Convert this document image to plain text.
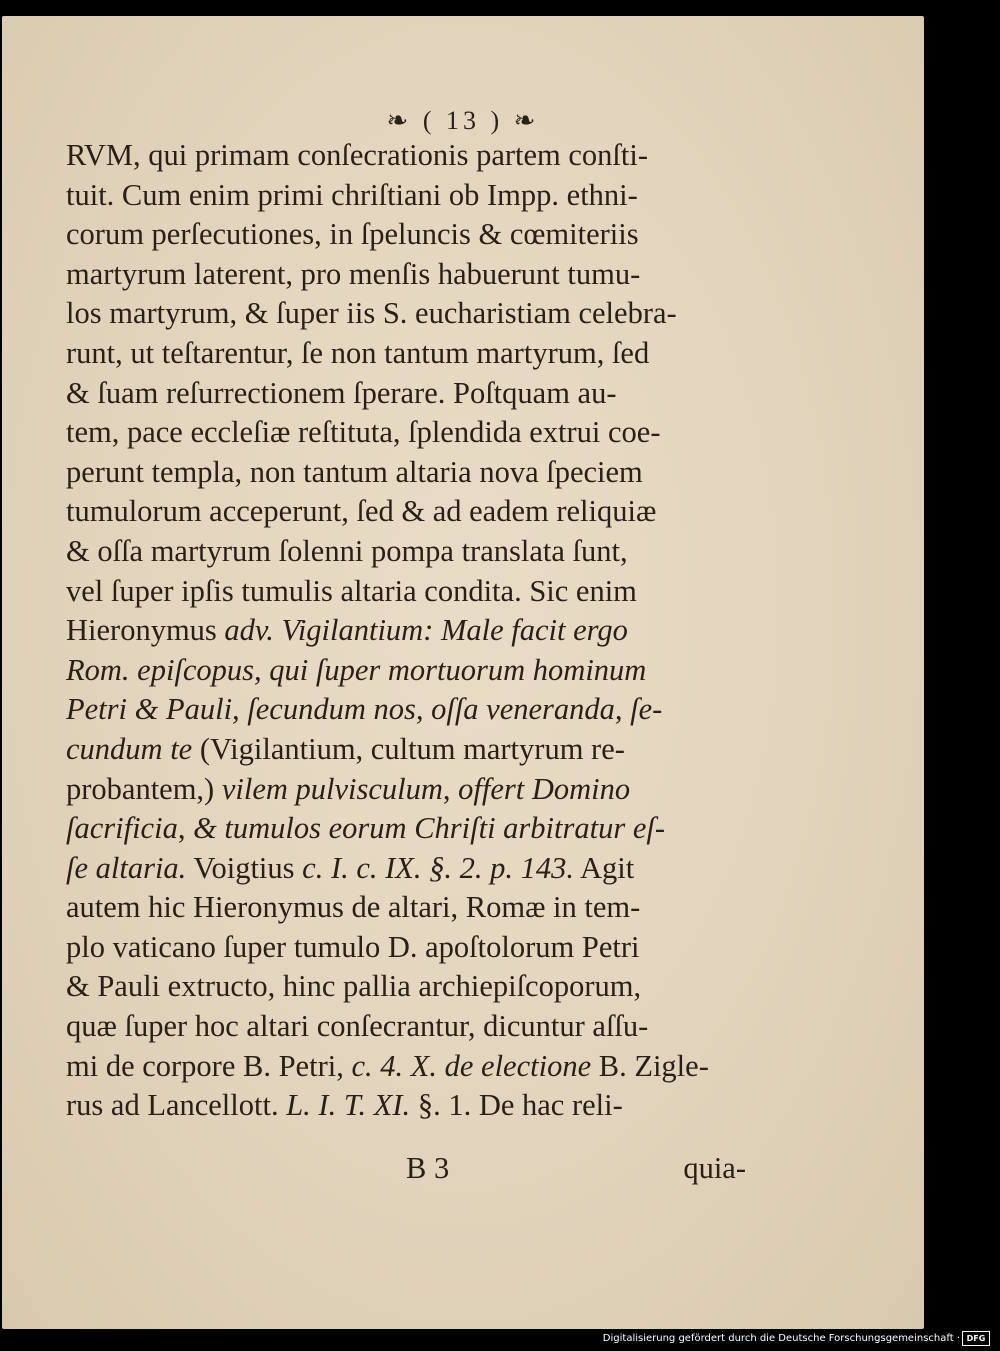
❧ ( 13 ) ❧
RVM, qui primam conſecrationis partem conſti-
tuit. Cum enim primi chriſtiani ob Impp. ethni-
corum perſecutiones, in ſpeluncis & cœmiteriis
martyrum laterent, pro menſis habuerunt tumu-
los martyrum, & ſuper iis S. eucharistiam celebra-
runt, ut teſtarentur, ſe non tantum martyrum, ſed
& ſuam reſurrectionem ſperare. Poſtquam au-
tem, pace eccleſiæ reſtituta, ſplendida extrui coe-
perunt templa, non tantum altaria nova ſpeciem
tumulorum acceperunt, ſed & ad eadem reliquiæ
& oſſa martyrum ſolenni pompa translata ſunt,
vel ſuper ipſis tumulis altaria condita. Sic enim
Hieronymus adv. Vigilantium: Male facit ergo
Rom. epiſcopus, qui ſuper mortuorum hominum
Petri & Pauli, ſecundum nos, oſſa veneranda, ſe-
cundum te (Vigilantium, cultum martyrum re-
probantem,) vilem pulvisculum, offert Domino
ſacrificia, & tumulos eorum Chriſti arbitratur eſ-
ſe altaria. Voigtius c. I. c. IX. §. 2. p. 143. Agit
autem hic Hieronymus de altari, Romæ in tem-
plo vaticano ſuper tumulo D. apoſtolorum Petri
& Pauli extructo, hinc pallia archiepiſcoporum,
quæ ſuper hoc altari conſecrantur, dicuntur aſſu-
mi de corpore B. Petri, c. 4. X. de electione B. Zigle-
rus ad Lancellott. L. I. T. XI. §. 1. De hac reli-
B 3	quia-
Digitalisierung gefördert durch die Deutsche Forschungsgemeinschaft · DFG
